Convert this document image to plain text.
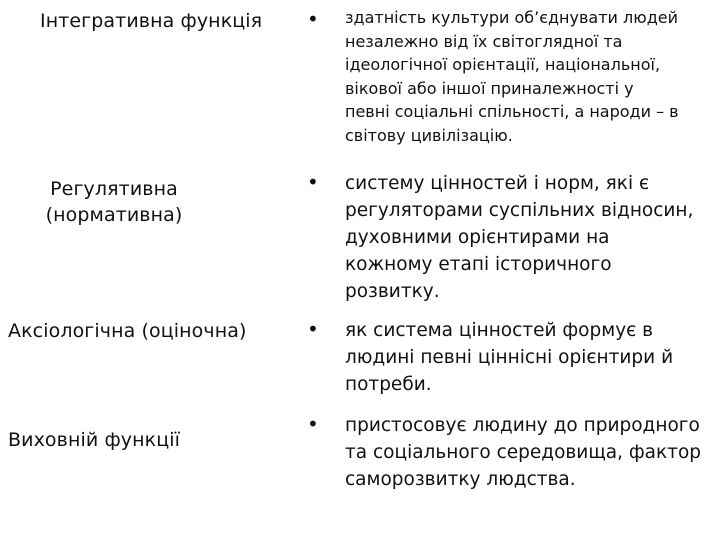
Інтегративна функція • здатність культури об’єднувати людей
незалежно від їх світоглядної та
ідеологічної орієнтації, національної,
вікової або іншої приналежності у
певні соціальні спільності, а народи – в
світову цивілізацію.
Регулятивна
(нормативна)
• систему цінностей і норм, які є
регуляторами суспільних відносин,
духовними орієнтирами на
кожному етапі історичного
розвитку.
Аксіологічна (оціночна)	• як система цінностей формує в
людині певні ціннісні орієнтири й
потреби.
Виховній функції
• пристосовує людину до природного
та соціального середовища, фактор
саморозвитку людства.
